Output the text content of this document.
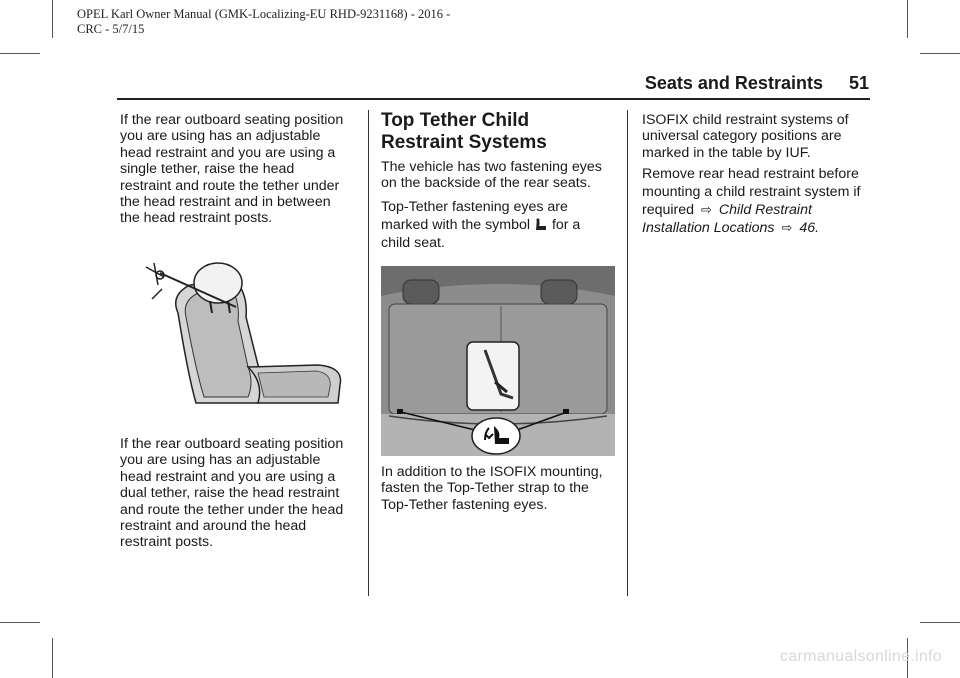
OPEL Karl Owner Manual (GMK-Localizing-EU RHD-9231168) - 2016 -
CRC - 5/7/15
Seats and Restraints 51
If the rear outboard seating position
you are using has an adjustable
head restraint and you are using a
single tether, raise the head
restraint and route the tether under
the head restraint and in between
the head restraint posts.
If the rear outboard seating position
you are using has an adjustable
head restraint and you are using a
dual tether, raise the head restraint
and route the tether under the head
restraint and around the head
restraint posts.
Top Tether Child
Restraint Systems
The vehicle has two fastening eyes
on the backside of the rear seats.
Top-Tether fastening eyes are
marked with the symbol for a
child seat.
In addition to the ISOFIX mounting,
fasten the Top-Tether strap to the
Top-Tether fastening eyes.
ISOFIX child restraint systems of
universal category positions are
marked in the table by IUF.
Remove rear head restraint before
mounting a child restraint system if
required ⇨ Child Restraint
Installation Locations ⇨ 46.
carmanualsonline.info
